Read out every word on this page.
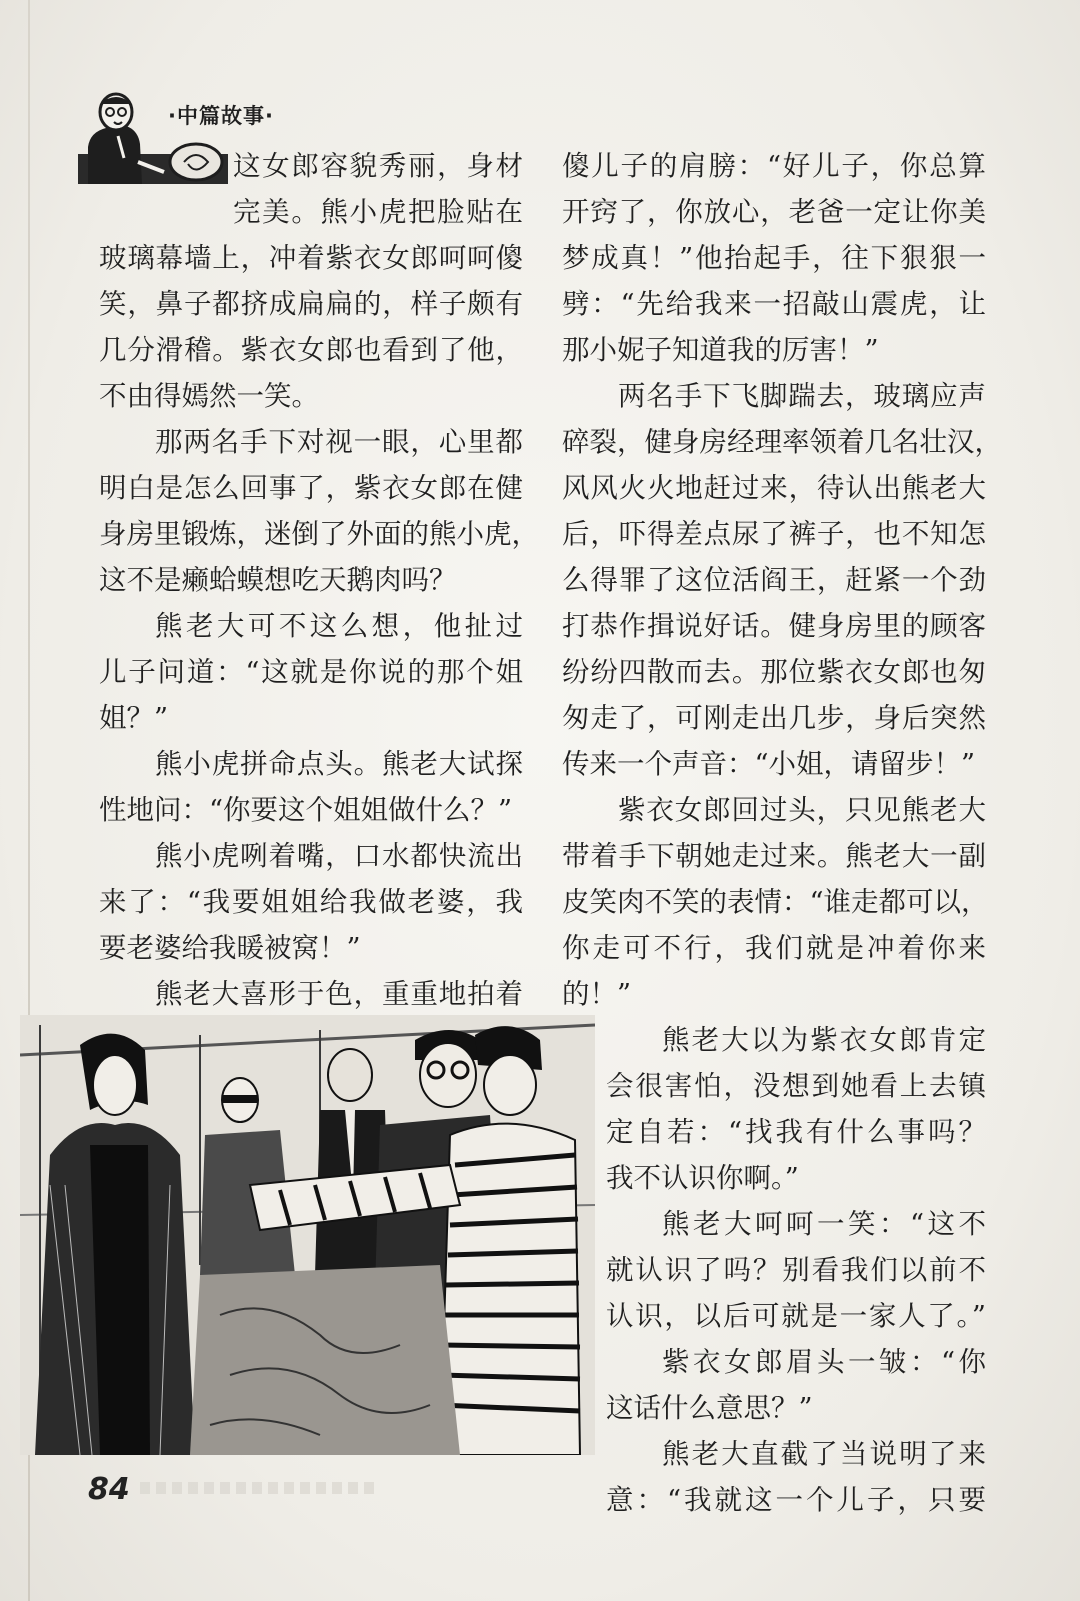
·中篇故事·
这女郎容貌秀丽，身材
完美。熊小虎把脸贴在
玻璃幕墙上，冲着紫衣女郎呵呵傻
笑，鼻子都挤成扁扁的，样子颇有
几分滑稽。紫衣女郎也看到了他，
不由得嫣然一笑。
那两名手下对视一眼，心里都
明白是怎么回事了，紫衣女郎在健
身房里锻炼，迷倒了外面的熊小虎，
这不是癞蛤蟆想吃天鹅肉吗？
熊老大可不这么想，他扯过
儿子问道：“这就是你说的那个姐
姐？”
熊小虎拼命点头。熊老大试探
性地问：“你要这个姐姐做什么？”
熊小虎咧着嘴，口水都快流出
来了：“我要姐姐给我做老婆，我
要老婆给我暖被窝！”
熊老大喜形于色，重重地拍着
傻儿子的肩膀：“好儿子，你总算
开窍了，你放心，老爸一定让你美
梦成真！”他抬起手，往下狠狠一
劈：“先给我来一招敲山震虎，让
那小妮子知道我的厉害！”
两名手下飞脚踹去，玻璃应声
碎裂，健身房经理率领着几名壮汉，
风风火火地赶过来，待认出熊老大
后，吓得差点尿了裤子，也不知怎
么得罪了这位活阎王，赶紧一个劲
打恭作揖说好话。健身房里的顾客
纷纷四散而去。那位紫衣女郎也匆
匆走了，可刚走出几步，身后突然
传来一个声音：“小姐，请留步！”
紫衣女郎回过头，只见熊老大
带着手下朝她走过来。熊老大一副
皮笑肉不笑的表情：“谁走都可以，
你走可不行，我们就是冲着你来
的！”
熊老大以为紫衣女郎肯定
会很害怕，没想到她看上去镇
定自若：“找我有什么事吗？
我不认识你啊。”
熊老大呵呵一笑：“这不
就认识了吗？别看我们以前不
认识，以后可就是一家人了。”
紫衣女郎眉头一皱：“你
这话什么意思？”
熊老大直截了当说明了来
意：“我就这一个儿子，只要
84
